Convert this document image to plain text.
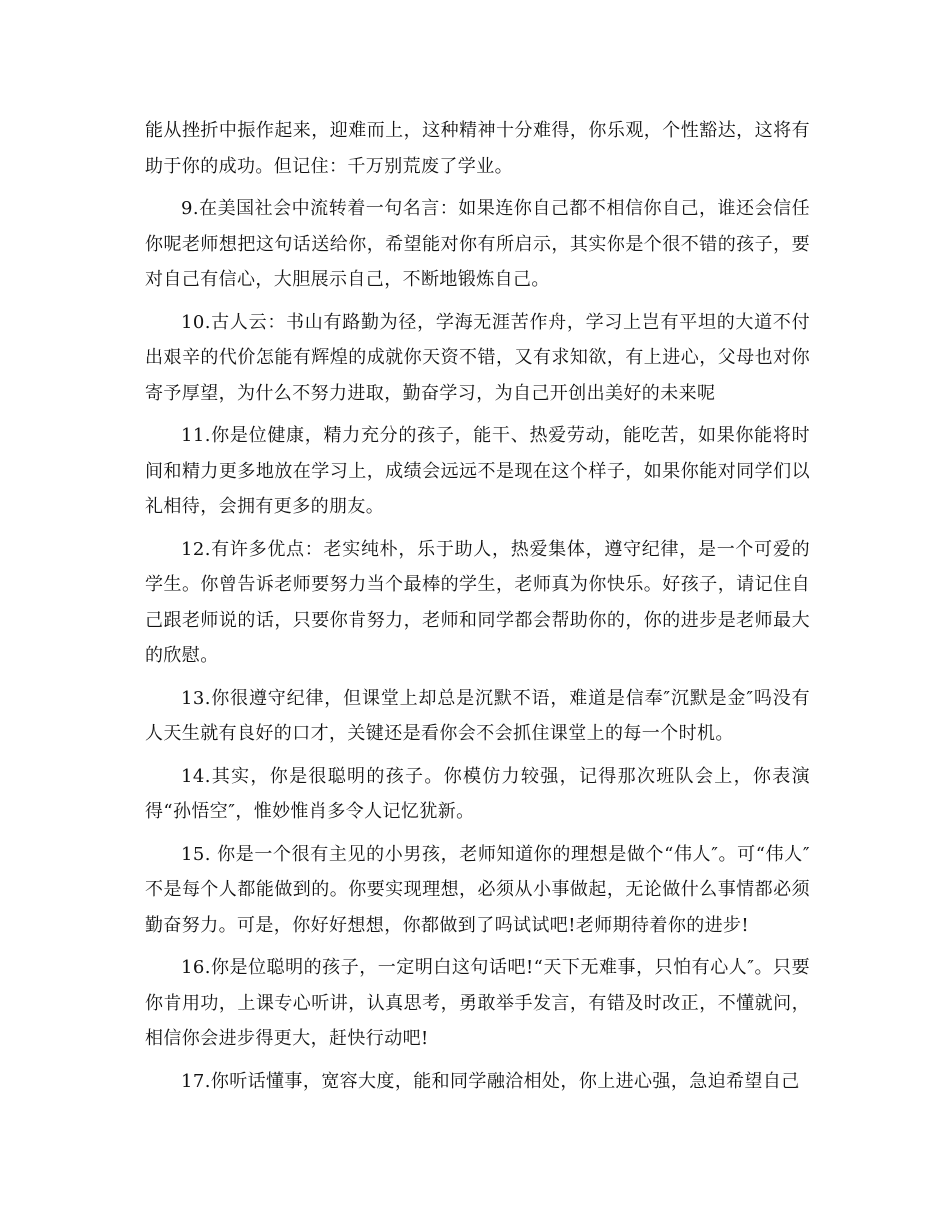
能从挫折中振作起来，迎难而上，这种精神十分难得，你乐观，个性豁达，这将有助于你的成功。但记住：千万别荒废了学业。

9.在美国社会中流转着一句名言：如果连你自己都不相信你自己，谁还会信任你呢老师想把这句话送给你，希望能对你有所启示，其实你是个很不错的孩子，要对自己有信心，大胆展示自己，不断地锻炼自己。

10.古人云：书山有路勤为径，学海无涯苦作舟，学习上岂有平坦的大道不付出艰辛的代价怎能有辉煌的成就你天资不错，又有求知欲，有上进心，父母也对你寄予厚望，为什么不努力进取，勤奋学习，为自己开创出美好的未来呢

11.你是位健康，精力充分的孩子，能干、热爱劳动，能吃苦，如果你能将时间和精力更多地放在学习上，成绩会远远不是现在这个样子，如果你能对同学们以礼相待，会拥有更多的朋友。

12.有许多优点：老实纯朴，乐于助人，热爱集体，遵守纪律，是一个可爱的学生。你曾告诉老师要努力当个最棒的学生，老师真为你快乐。好孩子，请记住自己跟老师说的话，只要你肯努力，老师和同学都会帮助你的，你的进步是老师最大的欣慰。

13.你很遵守纪律，但课堂上却总是沉默不语，难道是信奉″沉默是金″吗没有人天生就有良好的口才，关键还是看你会不会抓住课堂上的每一个时机。

14.其实，你是很聪明的孩子。你模仿力较强，记得那次班队会上，你表演得“孙悟空″，惟妙惟肖多令人记忆犹新。

15. 你是一个很有主见的小男孩，老师知道你的理想是做个“伟人″。可“伟人″不是每个人都能做到的。你要实现理想，必须从小事做起，无论做什么事情都必须勤奋努力。可是，你好好想想，你都做到了吗试试吧!老师期待着你的进步!

16.你是位聪明的孩子，一定明白这句话吧!“天下无难事，只怕有心人″。只要你肯用功，上课专心听讲，认真思考，勇敢举手发言，有错及时改正，不懂就问，相信你会进步得更大，赶快行动吧!

17.你听话懂事，宽容大度，能和同学融洽相处，你上进心强，急迫希望自己
